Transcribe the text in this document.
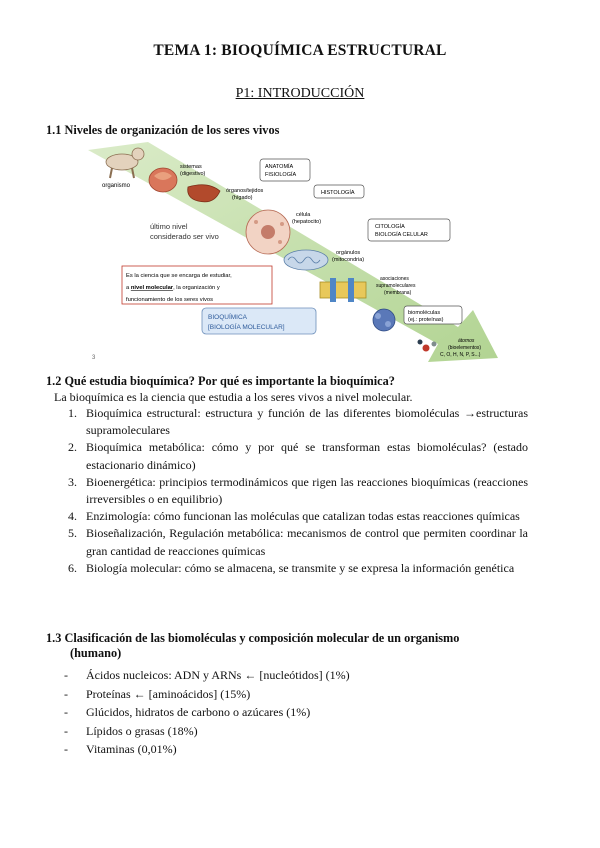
TEMA 1: BIOQUÍMICA ESTRUCTURAL
P1: INTRODUCCIÓN
1.1 Niveles de organización de los seres vivos
organismo
sistemas
(digestivo)
ANATOMÍA
FISIOLOGÍA
órganos/tejidos
(hígado)
HISTOLOGÍA
último nivel
considerado ser vivo
célula
(hepatocito)
CITOLOGÍA
BIOLOGÍA CELULAR
orgánulos
(mitocondria)
Es la ciencia que se encarga de estudiar,
a nivel molecular, la organización y
funcionamiento de los seres vivos
asociaciones
supramoleculares
(membrana)
BIOQUÍMICA
[BIOLOGÍA MOLECULAR]
biomoléculas
(ej.: proteínas)
átomos
(bioelementos)
C, O, H, N, P, S...)
3
1.2 Qué estudia bioquímica? Por qué es importante la bioquímica?
La bioquímica es la ciencia que estudia a los seres vivos a nivel molecular.
1. Bioquímica estructural: estructura y función de las diferentes biomoléculas →estructuras supramoleculares
2. Bioquímica metabólica: cómo y por qué se transforman estas biomoléculas? (estado estacionario dinámico)
3. Bioenergética: principios termodinámicos que rigen las reacciones bioquímicas (reacciones irreversibles o en equilibrio)
4. Enzimología: cómo funcionan las moléculas que catalizan todas estas reacciones químicas
5. Bioseñalización, Regulación metabólica: mecanismos de control que permiten coordinar la gran cantidad de reacciones químicas
6. Biología molecular: cómo se almacena, se transmite y se expresa la información genética
1.3 Clasificación de las biomoléculas y composición molecular de un organismo
(humano)
- Ácidos nucleicos: ADN y ARNs ← [nucleótidos] (1%)
- Proteínas ← [aminoácidos] (15%)
- Glúcidos, hidratos de carbono o azúcares (1%)
- Lípidos o grasas (18%)
- Vitaminas (0,01%)
